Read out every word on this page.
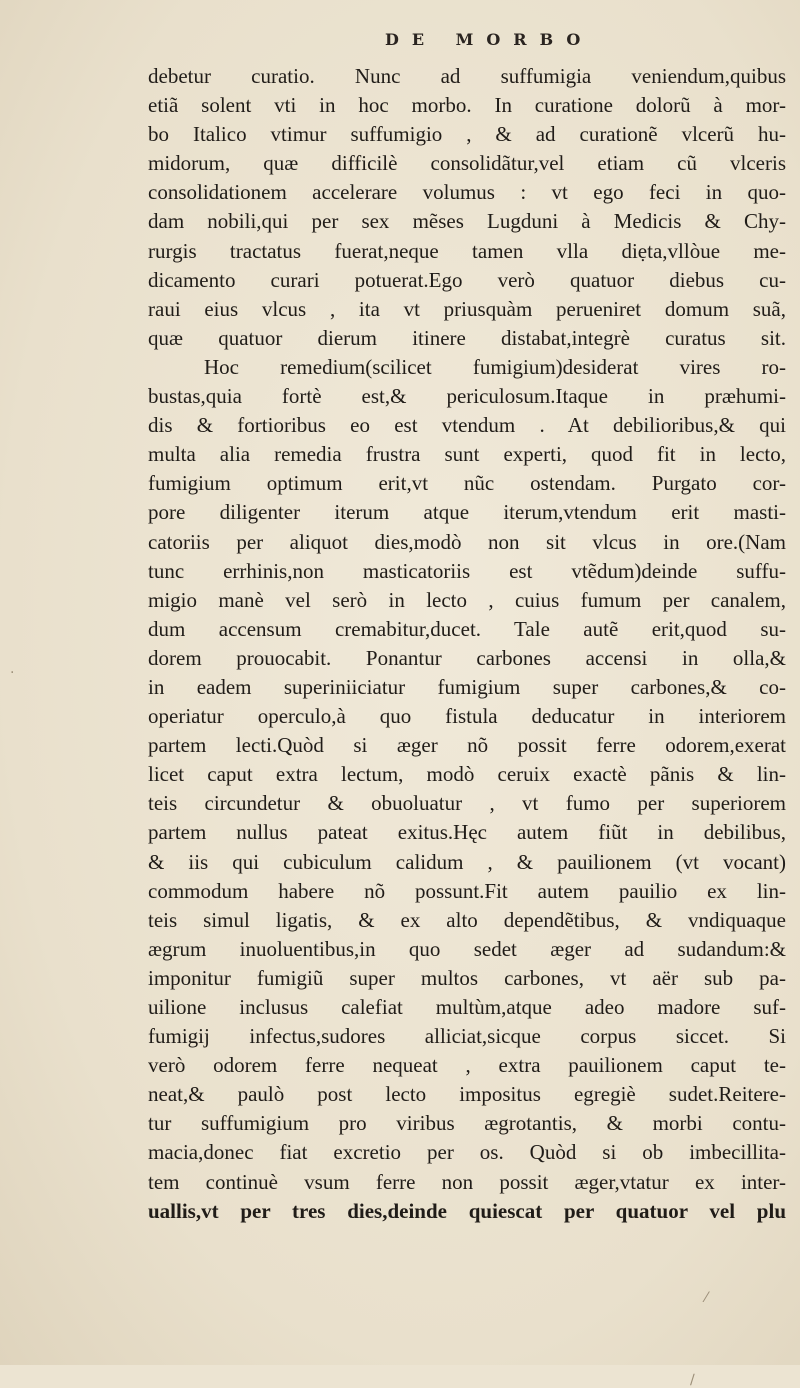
DE MORBO
debetur curatio. Nunc ad suffumigia veniendum,quibus
etiã solent vti in hoc morbo. In curatione dolorũ à mor-
bo Italico vtimur suffumigio , & ad curationẽ vlcerũ hu-
midorum, quæ difficilè consolidãtur,vel etiam cũ vlceris
consolidationem accelerare volumus : vt ego feci in quo-
dam nobili,qui per sex mẽses Lugduni à Medicis & Chy-
rurgis tractatus fuerat,neque tamen vlla diẹta,vllòue me-
dicamento curari potuerat.Ego verò quatuor diebus cu-
raui eius vlcus , ita vt priusquàm perueniret domum suã,
quæ quatuor dierum itinere distabat,integrè curatus sit.
Hoc remedium(scilicet fumigium)desiderat vires ro-
bustas,quia fortè est,& periculosum.Itaque in præhumi-
dis & fortioribus eo est vtendum . At debilioribus,& qui
multa alia remedia frustra sunt experti, quod fit in lecto,
fumigium optimum erit,vt nũc ostendam. Purgato cor-
pore diligenter iterum atque iterum,vtendum erit masti-
catoriis per aliquot dies,modò non sit vlcus in ore.(Nam
tunc errhinis,non masticatoriis est vtẽdum)deinde suffu-
migio manè vel serò in lecto , cuius fumum per canalem,
dum accensum cremabitur,ducet. Tale autẽ erit,quod su-
dorem prouocabit. Ponantur carbones accensi in olla,&
in eadem superiniiciatur fumigium super carbones,& co-
operiatur operculo,à quo fistula deducatur in interiorem
partem lecti.Quòd si æger nõ possit ferre odorem,exerat
licet caput extra lectum, modò ceruix exactè pãnis & lin-
teis circundetur & obuoluatur , vt fumo per superiorem
partem nullus pateat exitus.Hęc autem fiũt in debilibus,
& iis qui cubiculum calidum , & pauilionem (vt vocant)
commodum habere nõ possunt.Fit autem pauilio ex lin-
teis simul ligatis, & ex alto dependẽtibus, & vndiquaque
ægrum inuoluentibus,in quo sedet æger ad sudandum:&
imponitur fumigiũ super multos carbones, vt aër sub pa-
uilione inclusus calefiat multùm,atque adeo madore suf-
fumigij infectus,sudores alliciat,sicque corpus siccet. Si
verò odorem ferre nequeat , extra pauilionem caput te-
neat,& paulò post lecto impositus egregiè sudet.Reitere-
tur suffumigium pro viribus ægrotantis, & morbi contu-
macia,donec fiat excretio per os. Quòd si ob imbecillita-
tem continuè vsum ferre non possit æger,vtatur ex inter-
uallis,vt per tres dies,deinde quiescat per quatuor vel plu
⁄
∕
·
